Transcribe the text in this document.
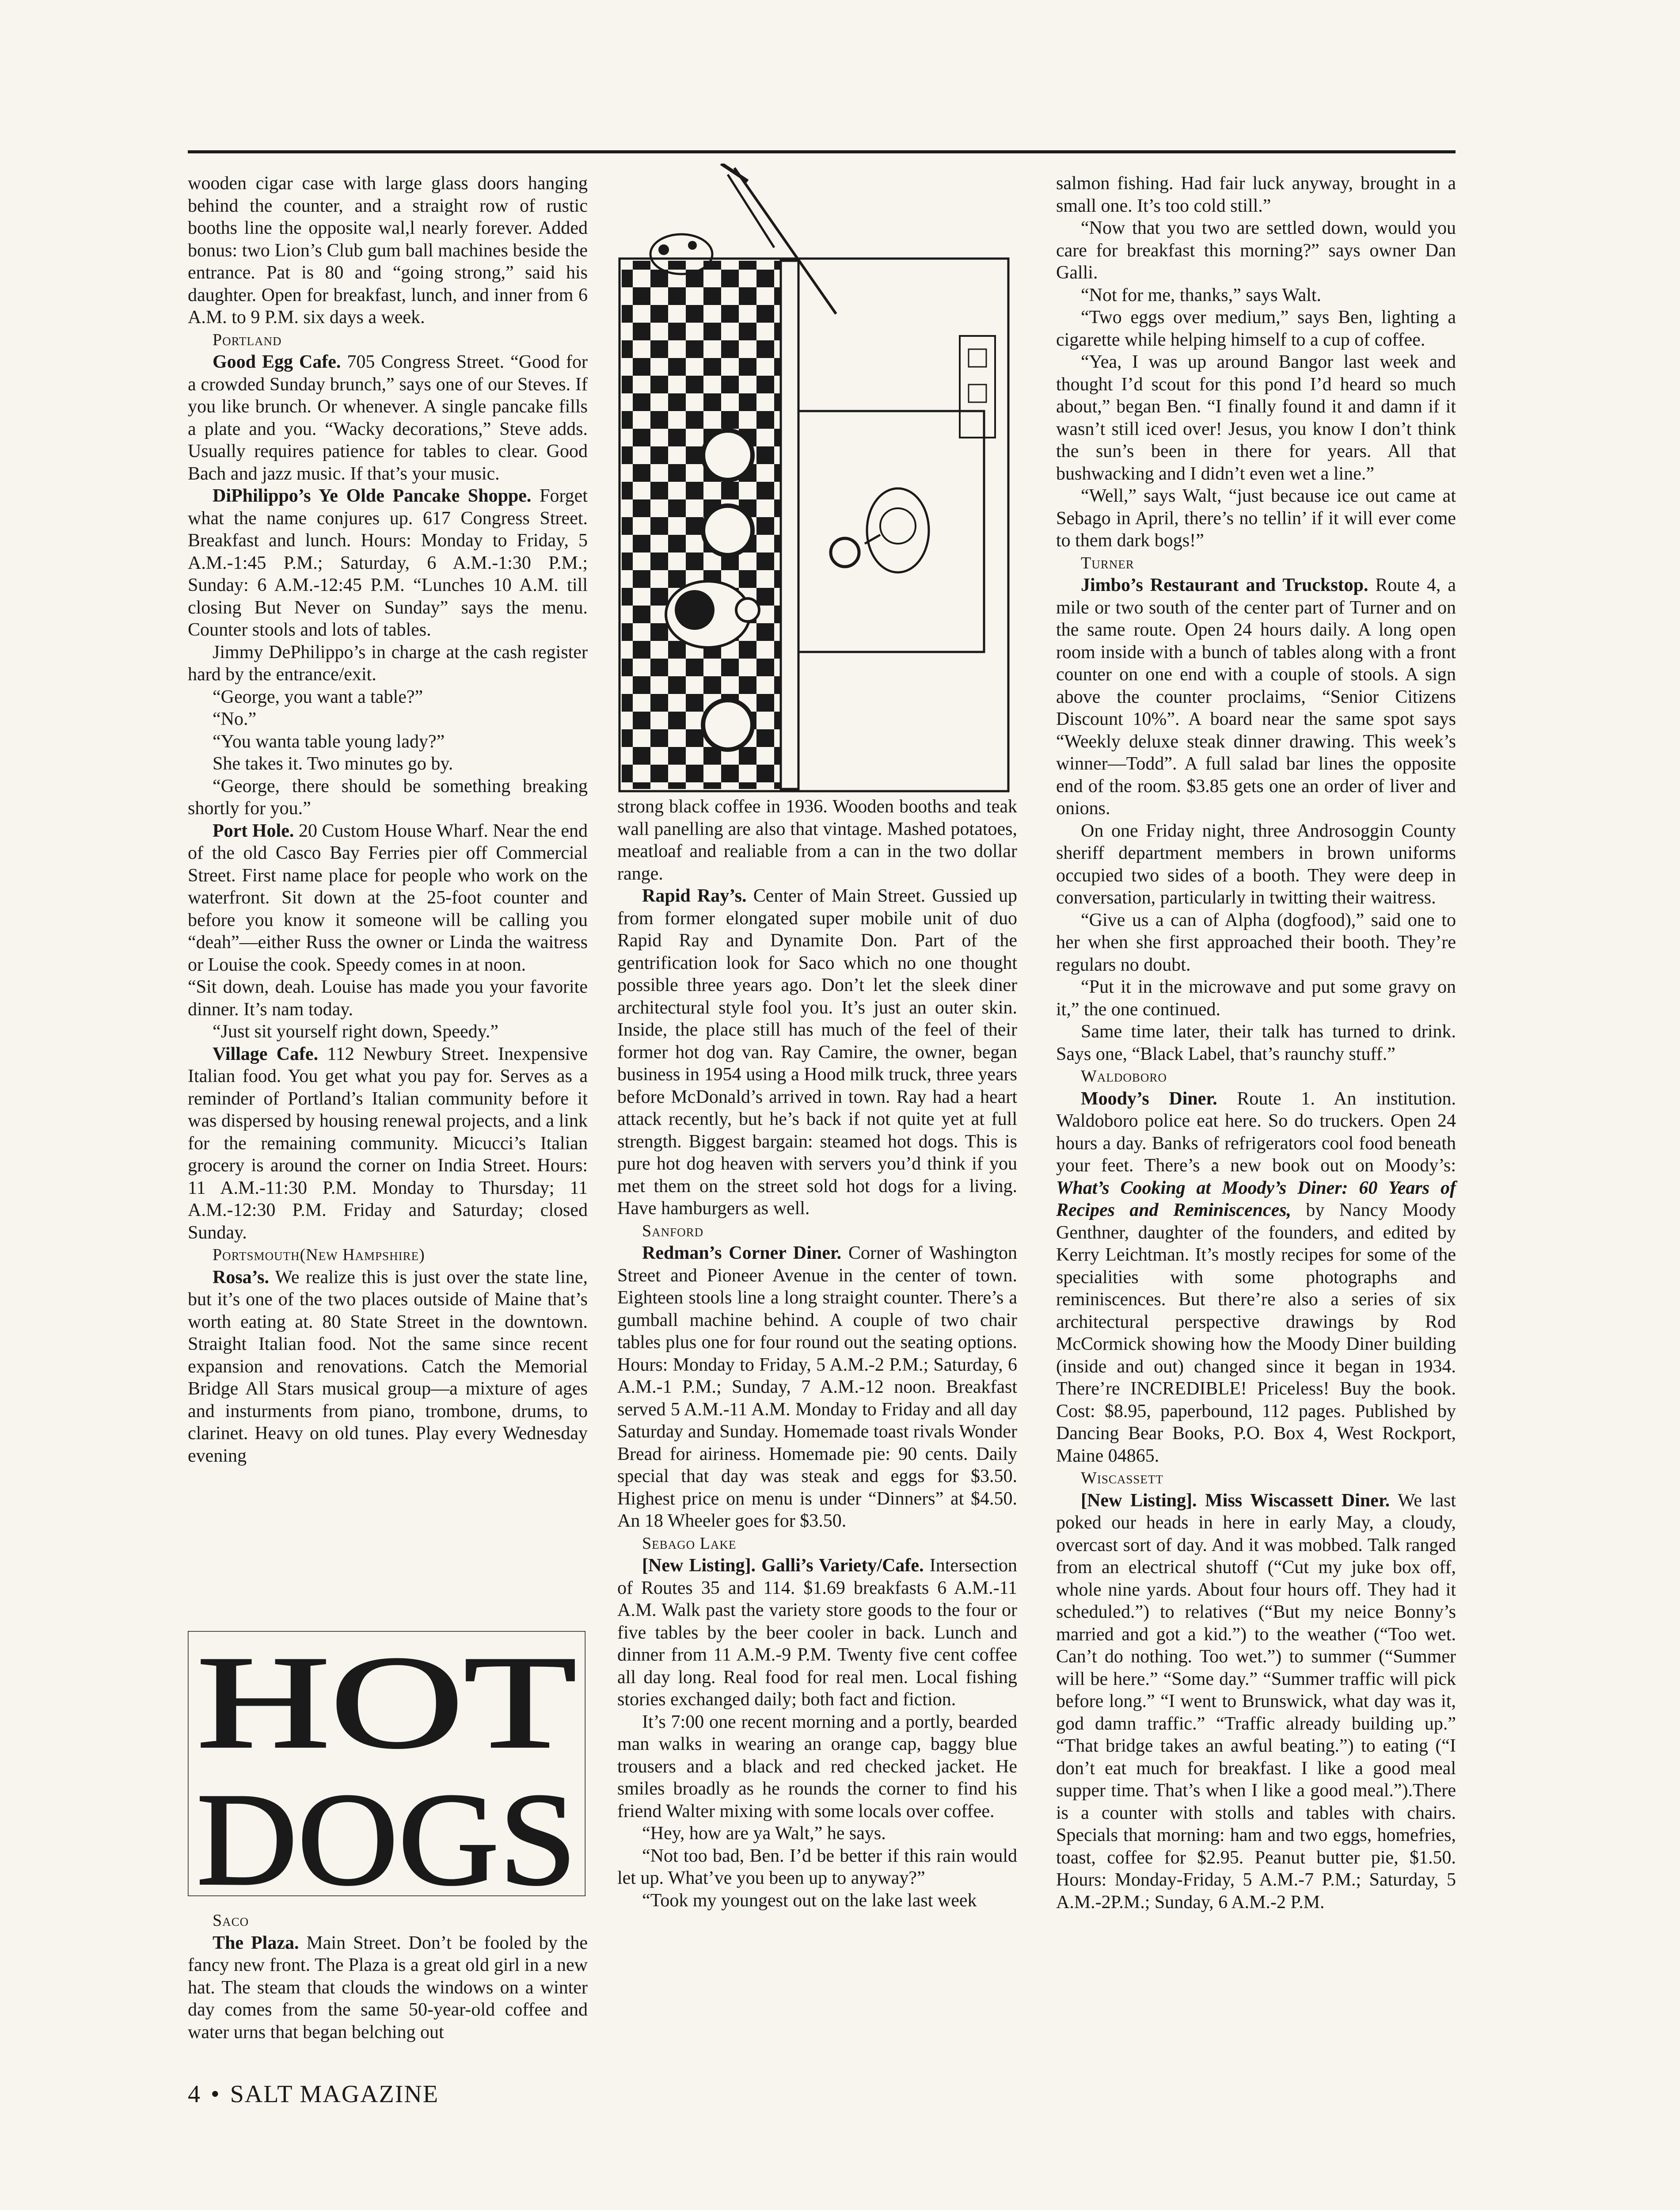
wooden cigar case with large glass doors hanging behind the counter, and a straight row of rustic booths line the opposite wal,l nearly forever. Added bonus: two Lion’s Club gum ball machines beside the entrance. Pat is 80 and “going strong,” said his daughter. Open for breakfast, lunch, and inner from 6 A.M. to 9 P.M. six days a week.

Portland

Good Egg Cafe. 705 Congress Street. “Good for a crowded Sunday brunch,” says one of our Steves. If you like brunch. Or whenever. A single pancake fills a plate and you. “Wacky decorations,” Steve adds. Usually requires patience for tables to clear. Good Bach and jazz music. If that’s your music.

DiPhilippo’s Ye Olde Pancake Shoppe. Forget what the name conjures up. 617 Congress Street. Breakfast and lunch. Hours: Monday to Friday, 5 A.M.-1:45 P.M.; Saturday, 6 A.M.-1:30 P.M.; Sunday: 6 A.M.-12:45 P.M. “Lunches 10 A.M. till closing But Never on Sunday” says the menu. Counter stools and lots of tables.

Jimmy DePhilippo’s in charge at the cash register hard by the entrance/exit.

“George, you want a table?”

“No.”

“You wanta table young lady?”

She takes it. Two minutes go by.

“George, there should be something breaking shortly for you.”

Port Hole. 20 Custom House Wharf. Near the end of the old Casco Bay Ferries pier off Commercial Street. First name place for people who work on the waterfront. Sit down at the 25-foot counter and before you know it someone will be calling you “deah”—either Russ the owner or Linda the waitress or Louise the cook. Speedy comes in at noon.

“Sit down, deah. Louise has made you your favorite dinner. It’s nam today.

“Just sit yourself right down, Speedy.”

Village Cafe. 112 Newbury Street. Inexpensive Italian food. You get what you pay for. Serves as a reminder of Portland’s Italian community before it was dispersed by housing renewal projects, and a link for the remaining community. Micucci’s Italian grocery is around the corner on India Street. Hours: 11 A.M.-11:30 P.M. Monday to Thursday; 11 A.M.-12:30 P.M. Friday and Saturday; closed Sunday.

Portsmouth(New Hampshire)

Rosa’s. We realize this is just over the state line, but it’s one of the two places outside of Maine that’s worth eating at. 80 State Street in the downtown. Straight Italian food. Not the same since recent expansion and renovations. Catch the Memorial Bridge All Stars musical group—a mixture of ages and insturments from piano, trombone, drums, to clarinet. Heavy on old tunes. Play every Wednesday evening

HOT
DOGS

Saco

The Plaza. Main Street. Don’t be fooled by the fancy new front. The Plaza is a great old girl in a new hat. The steam that clouds the windows on a winter day comes from the same 50-year-old coffee and water urns that began belching out

strong black coffee in 1936. Wooden booths and teak wall panelling are also that vintage. Mashed potatoes, meatloaf and realiable from a can in the two dollar range.

Rapid Ray’s. Center of Main Street. Gussied up from former elongated super mobile unit of duo Rapid Ray and Dynamite Don. Part of the gentrification look for Saco which no one thought possible three years ago. Don’t let the sleek diner architectural style fool you. It’s just an outer skin. Inside, the place still has much of the feel of their former hot dog van. Ray Camire, the owner, began business in 1954 using a Hood milk truck, three years before McDonald’s arrived in town. Ray had a heart attack recently, but he’s back if not quite yet at full strength. Biggest bargain: steamed hot dogs. This is pure hot dog heaven with servers you’d think if you met them on the street sold hot dogs for a living. Have hamburgers as well.

Sanford

Redman’s Corner Diner. Corner of Washington Street and Pioneer Avenue in the center of town. Eighteen stools line a long straight counter. There’s a gumball machine behind. A couple of two chair tables plus one for four round out the seating options. Hours: Monday to Friday, 5 A.M.-2 P.M.; Saturday, 6 A.M.-1 P.M.; Sunday, 7 A.M.-12 noon. Breakfast served 5 A.M.-11 A.M. Monday to Friday and all day Saturday and Sunday. Homemade toast rivals Wonder Bread for airiness. Homemade pie: 90 cents. Daily special that day was steak and eggs for $3.50. Highest price on menu is under “Dinners” at $4.50. An 18 Wheeler goes for $3.50.

Sebago Lake

[New Listing]. Galli’s Variety/Cafe. Intersection of Routes 35 and 114. $1.69 breakfasts 6 A.M.-11 A.M. Walk past the variety store goods to the four or five tables by the beer cooler in back. Lunch and dinner from 11 A.M.-9 P.M. Twenty five cent coffee all day long. Real food for real men. Local fishing stories exchanged daily; both fact and fiction.

It’s 7:00 one recent morning and a portly, bearded man walks in wearing an orange cap, baggy blue trousers and a black and red checked jacket. He smiles broadly as he rounds the corner to find his friend Walter mixing with some locals over coffee.

“Hey, how are ya Walt,” he says.

“Not too bad, Ben. I’d be better if this rain would let up. What’ve you been up to anyway?”

“Took my youngest out on the lake last week

salmon fishing. Had fair luck anyway, brought in a small one. It’s too cold still.”

“Now that you two are settled down, would you care for breakfast this morning?” says owner Dan Galli.

“Not for me, thanks,” says Walt.

“Two eggs over medium,” says Ben, lighting a cigarette while helping himself to a cup of coffee.

“Yea, I was up around Bangor last week and thought I’d scout for this pond I’d heard so much about,” began Ben. “I finally found it and damn if it wasn’t still iced over! Jesus, you know I don’t think the sun’s been in there for years. All that bushwacking and I didn’t even wet a line.”

“Well,” says Walt, “just because ice out came at Sebago in April, there’s no tellin’ if it will ever come to them dark bogs!”

Turner

Jimbo’s Restaurant and Truckstop. Route 4, a mile or two south of the center part of Turner and on the same route. Open 24 hours daily. A long open room inside with a bunch of tables along with a front counter on one end with a couple of stools. A sign above the counter proclaims, “Senior Citizens Discount 10%”. A board near the same spot says “Weekly deluxe steak dinner drawing. This week’s winner—Todd”. A full salad bar lines the opposite end of the room. $3.85 gets one an order of liver and onions.

On one Friday night, three Androsoggin County sheriff department members in brown uniforms occupied two sides of a booth. They were deep in conversation, particularly in twitting their waitress.

“Give us a can of Alpha (dogfood),” said one to her when she first approached their booth. They’re regulars no doubt.

“Put it in the microwave and put some gravy on it,” the one continued.

Same time later, their talk has turned to drink. Says one, “Black Label, that’s raunchy stuff.”

Waldoboro

Moody’s Diner. Route 1. An institution. Waldoboro police eat here. So do truckers. Open 24 hours a day. Banks of refrigerators cool food beneath your feet. There’s a new book out on Moody’s: What’s Cooking at Moody’s Diner: 60 Years of Recipes and Reminiscences, by Nancy Moody Genthner, daughter of the founders, and edited by Kerry Leichtman. It’s mostly recipes for some of the specialities with some photographs and reminiscences. But there’re also a series of six architectural perspective drawings by Rod McCormick showing how the Moody Diner building (inside and out) changed since it began in 1934. There’re INCREDIBLE! Priceless! Buy the book. Cost: $8.95, paperbound, 112 pages. Published by Dancing Bear Books, P.O. Box 4, West Rockport, Maine 04865.

Wiscassett

[New Listing]. Miss Wiscassett Diner. We last poked our heads in here in early May, a cloudy, overcast sort of day. And it was mobbed. Talk ranged from an electrical shutoff (“Cut my juke box off, whole nine yards. About four hours off. They had it scheduled.”) to relatives (“But my neice Bonny’s married and got a kid.”) to the weather (“Too wet. Can’t do nothing. Too wet.”) to summer (“Summer will be here.” “Some day.” “Summer traffic will pick before long.” “I went to Brunswick, what day was it, god damn traffic.” “Traffic already building up.” “That bridge takes an awful beating.”) to eating (“I don’t eat much for breakfast. I like a good meal supper time. That’s when I like a good meal.”).There is a counter with stolls and tables with chairs. Specials that morning: ham and two eggs, homefries, toast, coffee for $2.95. Peanut butter pie, $1.50. Hours: Monday-Friday, 5 A.M.-7 P.M.; Saturday, 5 A.M.-2P.M.; Sunday, 6 A.M.-2 P.M.

4 • SALT MAGAZINE
